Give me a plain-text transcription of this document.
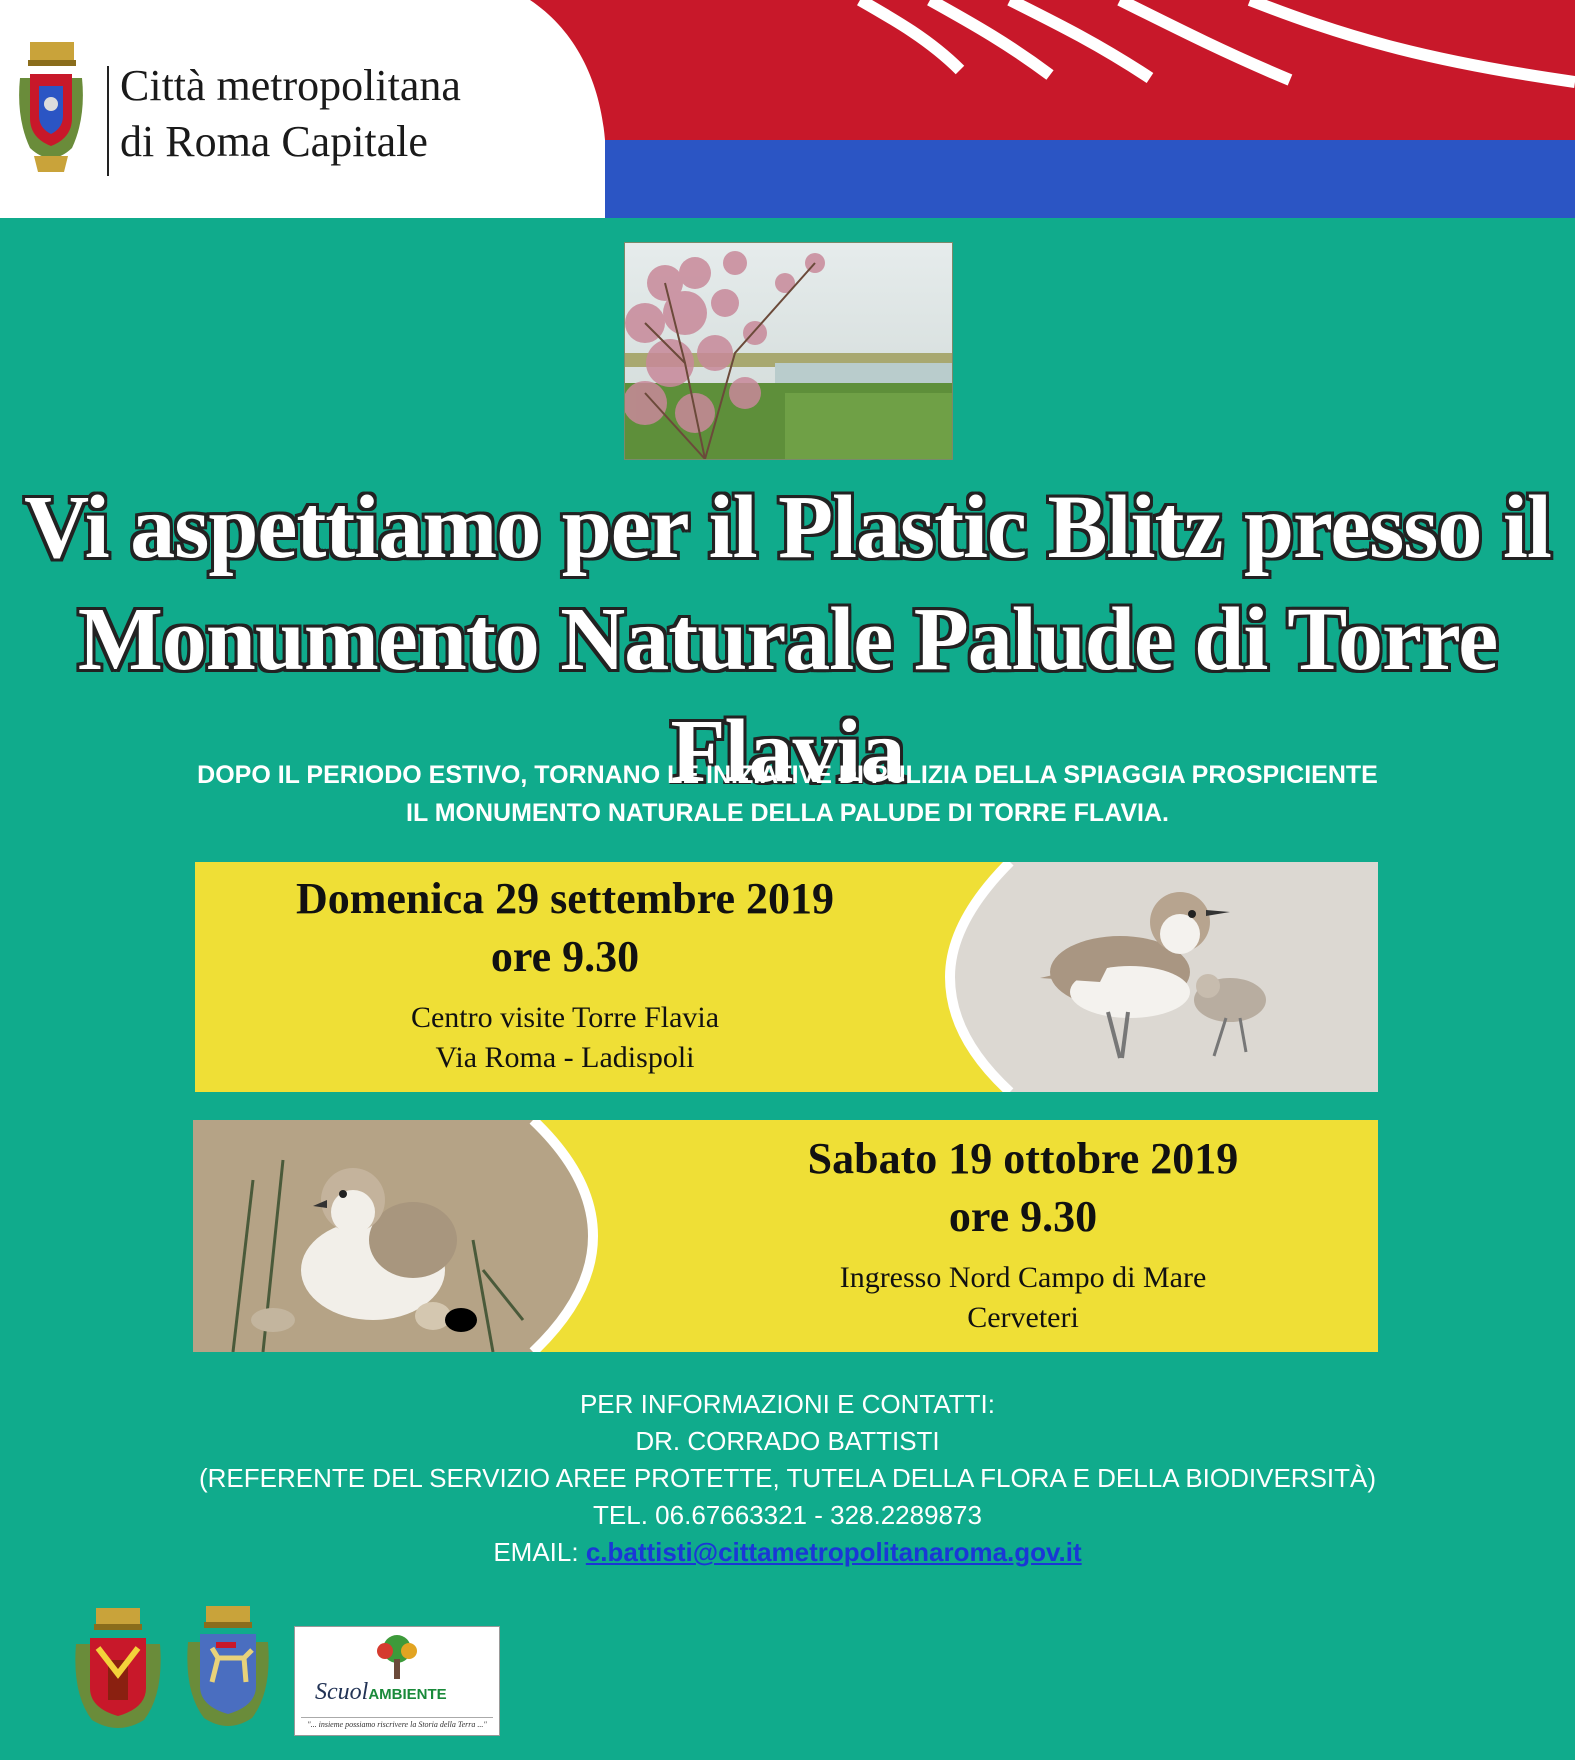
Città metropolitana
di Roma Capitale
Vi aspettiamo per il Plastic Blitz presso il
Monumento Naturale Palude di Torre Flavia
DOPO IL PERIODO ESTIVO, TORNANO LE INIZIATIVE DI PULIZIA DELLA SPIAGGIA PROSPICIENTE
IL MONUMENTO NATURALE DELLA PALUDE DI TORRE FLAVIA.
Domenica 29 settembre 2019
ore 9.30
Centro visite Torre Flavia
Via Roma - Ladispoli
Sabato 19 ottobre 2019
ore 9.30
Ingresso Nord Campo di Mare
Cerveteri
PER INFORMAZIONI E CONTATTI:
DR. CORRADO BATTISTI
(REFERENTE DEL SERVIZIO AREE PROTETTE, TUTELA DELLA FLORA E DELLA BIODIVERSITÀ)
TEL. 06.67663321 - 328.2289873
EMAIL: c.battisti@cittametropolitanaroma.gov.it
ScuolAMBIENTE
"... insieme possiamo riscrivere la Storia della Terra ..."
